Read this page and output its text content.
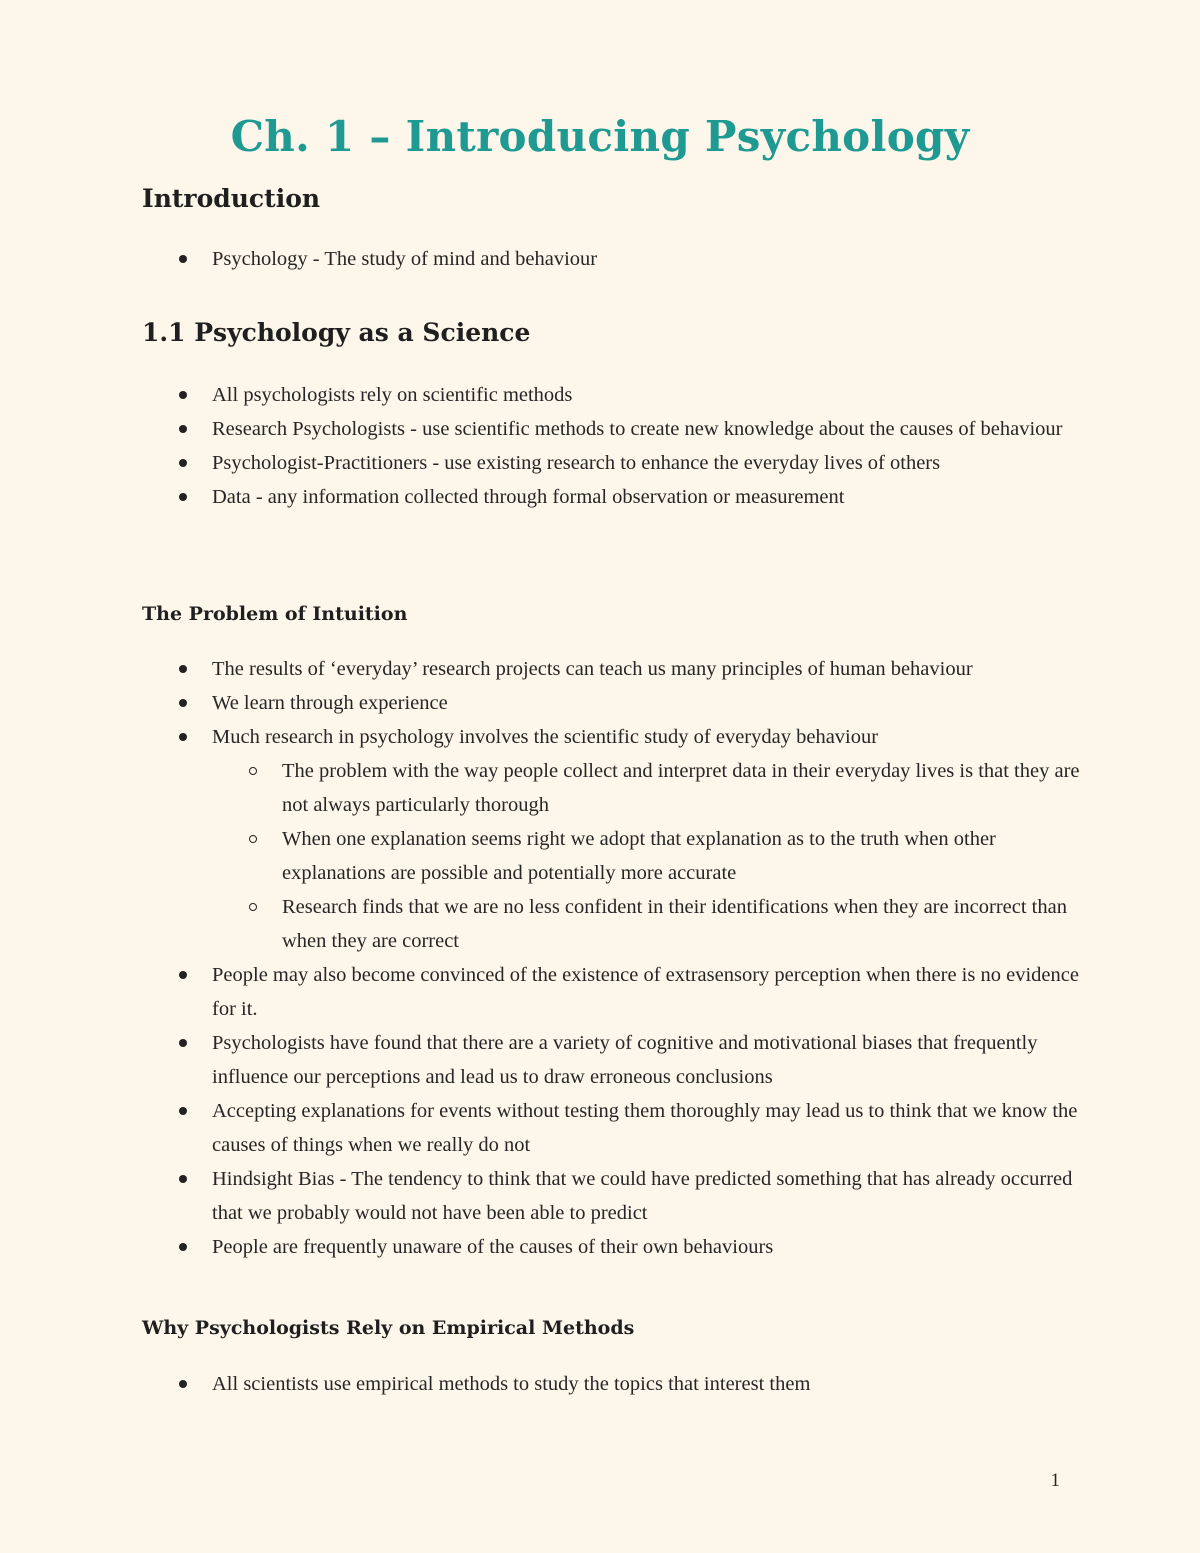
Ch. 1 – Introducing Psychology
Introduction
Psychology - The study of mind and behaviour
1.1 Psychology as a Science
All psychologists rely on scientific methods
Research Psychologists - use scientific methods to create new knowledge about the causes of behaviour
Psychologist-Practitioners - use existing research to enhance the everyday lives of others
Data - any information collected through formal observation or measurement
The Problem of Intuition
The results of ‘everyday’ research projects can teach us many principles of human behaviour
We learn through experience
Much research in psychology involves the scientific study of everyday behaviour
The problem with the way people collect and interpret data in their everyday lives is that they are not always particularly thorough
When one explanation seems right we adopt that explanation as to the truth when other explanations are possible and potentially more accurate
Research finds that we are no less confident in their identifications when they are incorrect than when they are correct
People may also become convinced of the existence of extrasensory perception when there is no evidence for it.
Psychologists have found that there are a variety of cognitive and motivational biases that frequently influence our perceptions and lead us to draw erroneous conclusions
Accepting explanations for events without testing them thoroughly may lead us to think that we know the causes of things when we really do not
Hindsight Bias - The tendency to think that we could have predicted something that has already occurred that we probably would not have been able to predict
People are frequently unaware of the causes of their own behaviours
Why Psychologists Rely on Empirical Methods
All scientists use empirical methods to study the topics that interest them
1
